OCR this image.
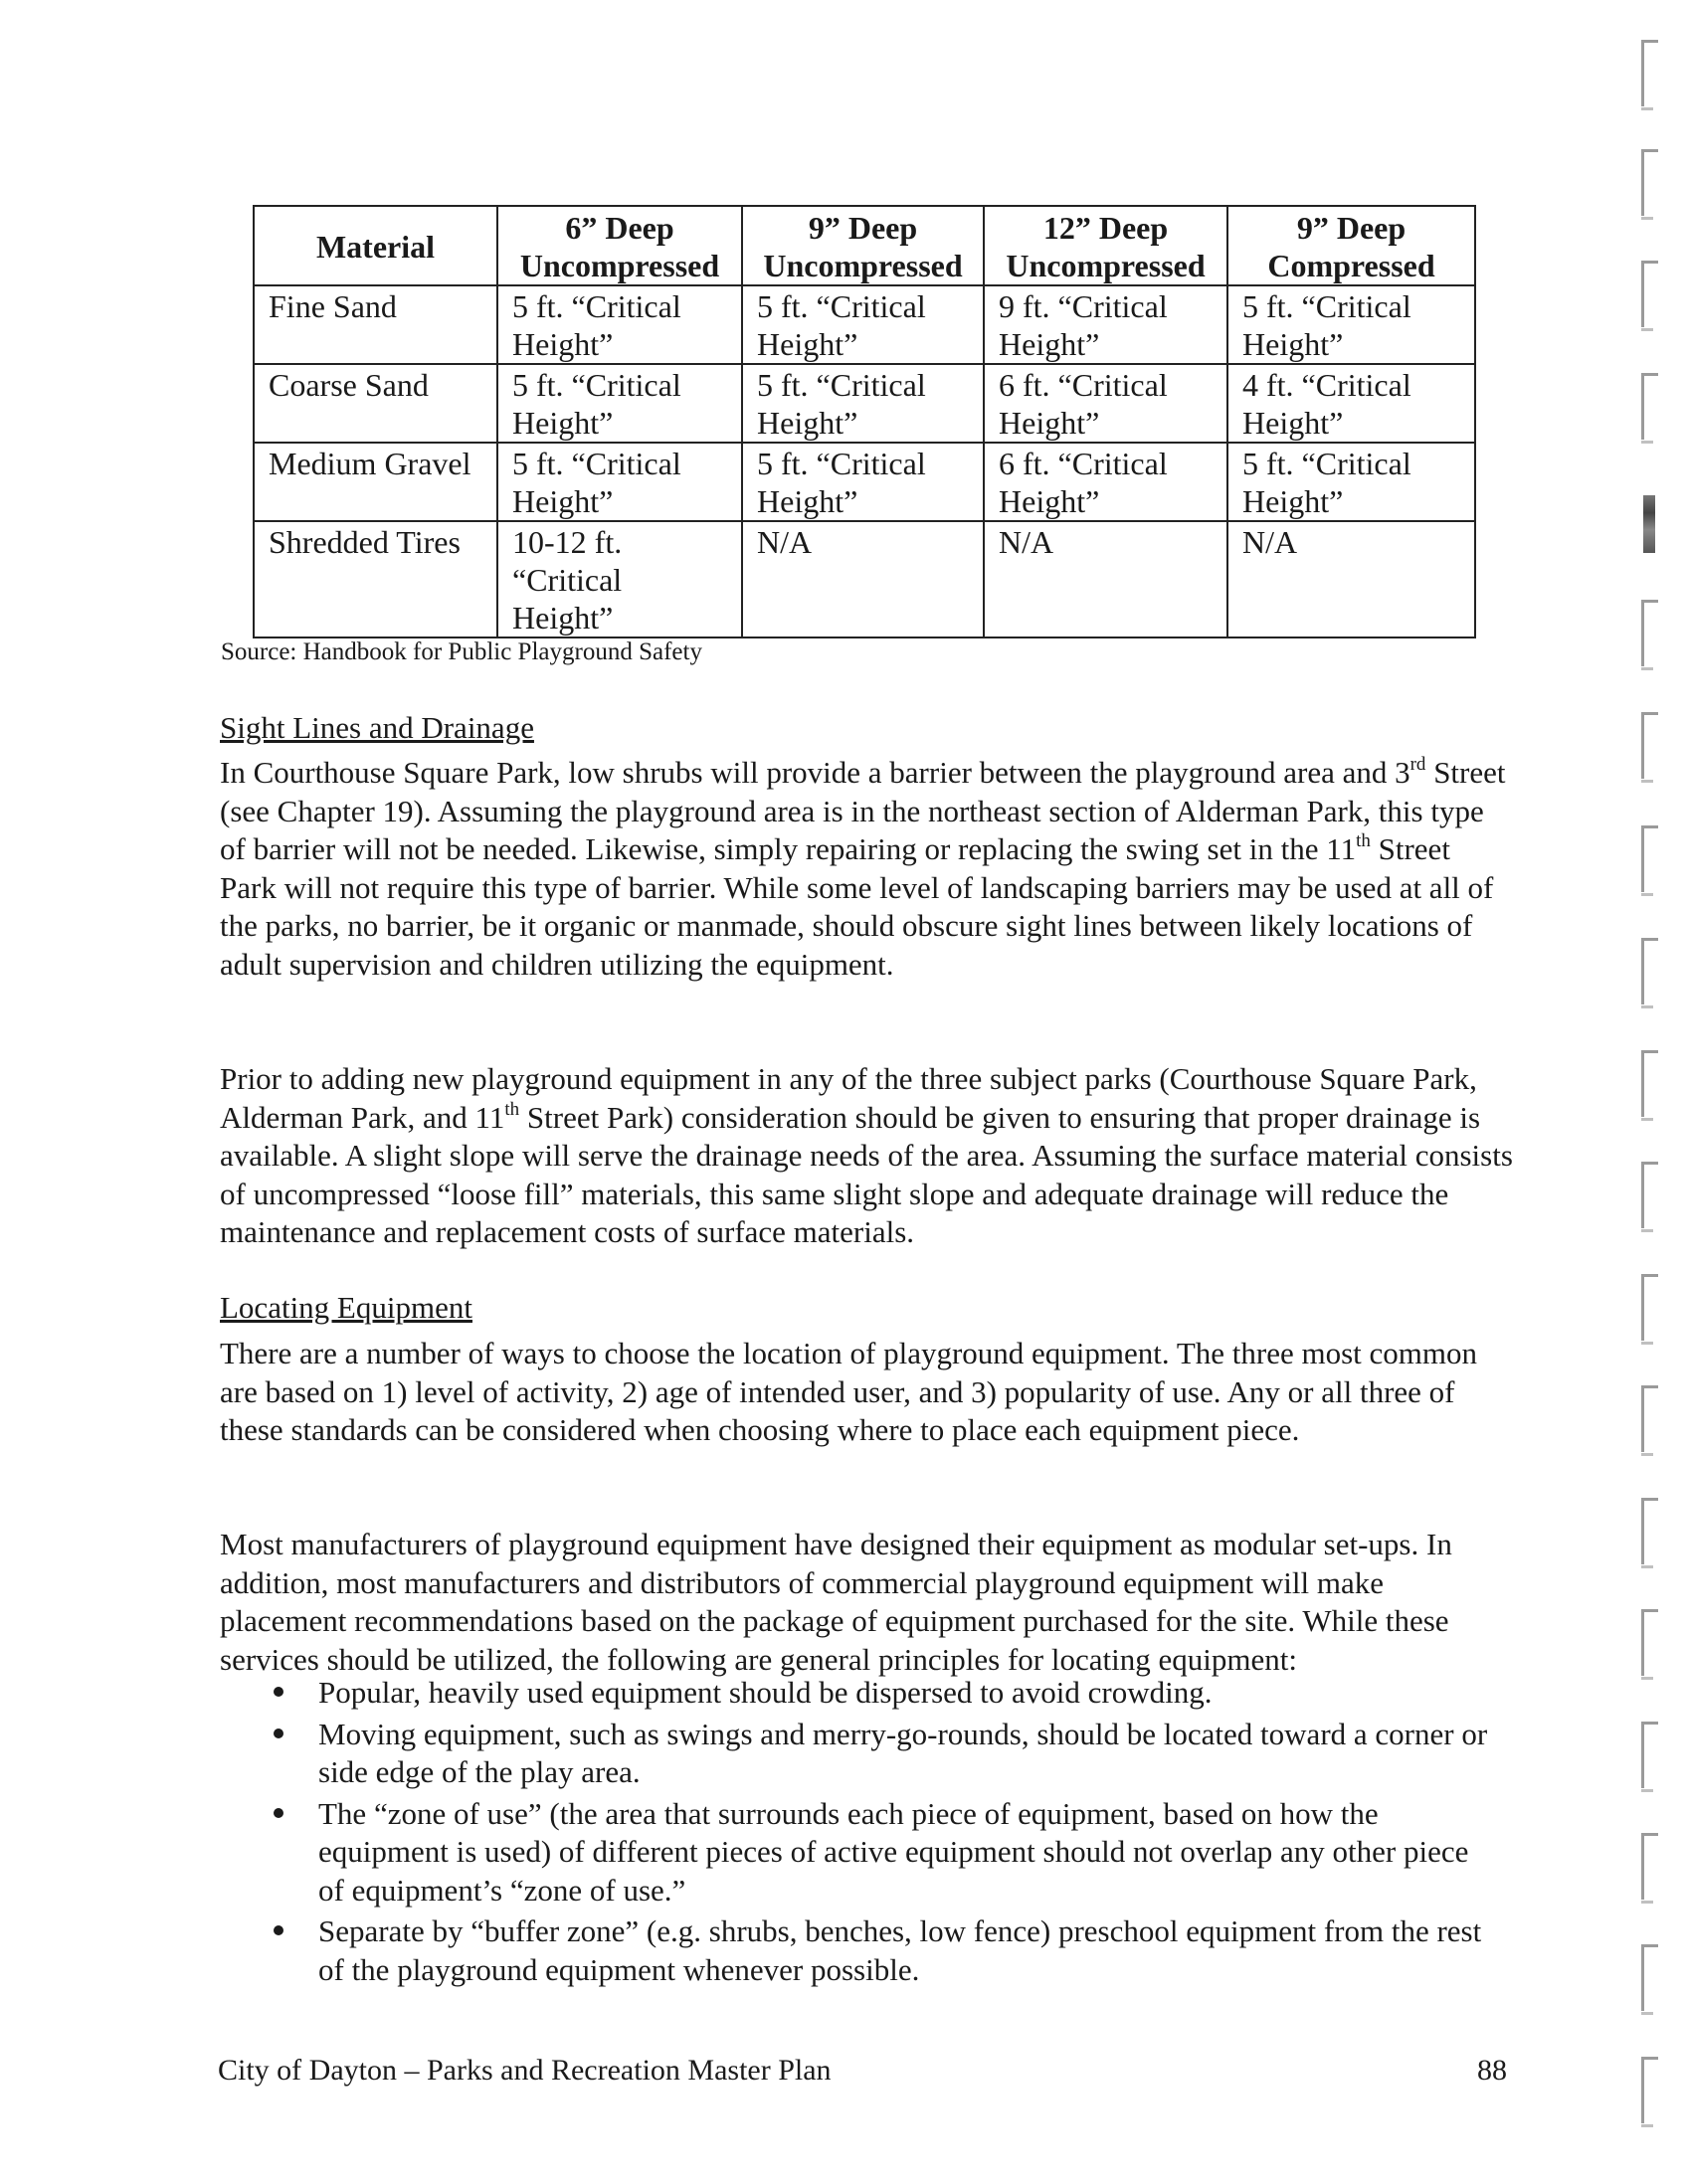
Material	6” Deep Uncompressed	9” Deep Uncompressed	12” Deep Uncompressed	9” Deep Compressed
Fine Sand	5 ft. “Critical Height”	5 ft. “Critical Height”	9 ft. “Critical Height”	5 ft. “Critical Height”
Coarse Sand	5 ft. “Critical Height”	5 ft. “Critical Height”	6 ft. “Critical Height”	4 ft. “Critical Height”
Medium Gravel	5 ft. “Critical Height”	5 ft. “Critical Height”	6 ft. “Critical Height”	5 ft. “Critical Height”
Shredded Tires	10-12 ft. “Critical Height”	N/A	N/A	N/A
Source: Handbook for Public Playground Safety
Sight Lines and Drainage
In Courthouse Square Park, low shrubs will provide a barrier between the playground area and 3rd Street (see Chapter 19). Assuming the playground area is in the northeast section of Alderman Park, this type of barrier will not be needed. Likewise, simply repairing or replacing the swing set in the 11th Street Park will not require this type of barrier. While some level of landscaping barriers may be used at all of the parks, no barrier, be it organic or manmade, should obscure sight lines between likely locations of adult supervision and children utilizing the equipment.
Prior to adding new playground equipment in any of the three subject parks (Courthouse Square Park, Alderman Park, and 11th Street Park) consideration should be given to ensuring that proper drainage is available. A slight slope will serve the drainage needs of the area. Assuming the surface material consists of uncompressed “loose fill” materials, this same slight slope and adequate drainage will reduce the maintenance and replacement costs of surface materials.
Locating Equipment
There are a number of ways to choose the location of playground equipment. The three most common are based on 1) level of activity, 2) age of intended user, and 3) popularity of use. Any or all three of these standards can be considered when choosing where to place each equipment piece.
Most manufacturers of playground equipment have designed their equipment as modular set-ups. In addition, most manufacturers and distributors of commercial playground equipment will make placement recommendations based on the package of equipment purchased for the site. While these services should be utilized, the following are general principles for locating equipment:
Popular, heavily used equipment should be dispersed to avoid crowding.
Moving equipment, such as swings and merry-go-rounds, should be located toward a corner or side edge of the play area.
The “zone of use” (the area that surrounds each piece of equipment, based on how the equipment is used) of different pieces of active equipment should not overlap any other piece of equipment’s “zone of use.”
Separate by “buffer zone” (e.g. shrubs, benches, low fence) preschool equipment from the rest of the playground equipment whenever possible.
City of Dayton – Parks and Recreation Master Plan	88
